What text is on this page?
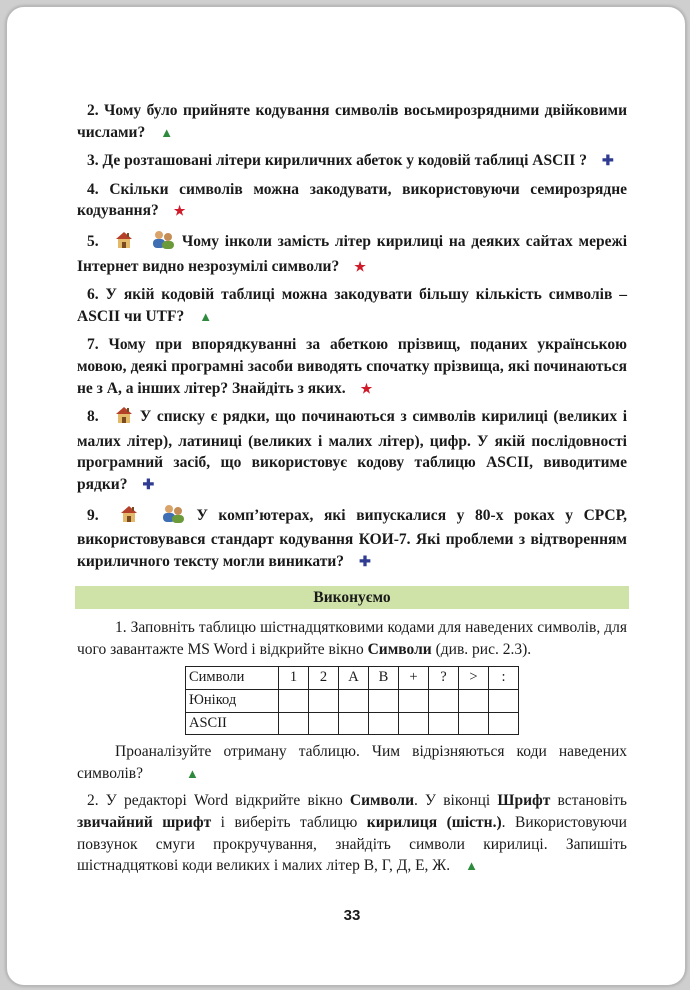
2. Чому було прийняте кодування символів восьмирозрядними двійковими числами? ▲

3. Де розташовані літери кириличних абеток у кодовій таблиці ASCII ? ✚

4. Скільки символів можна закодувати, використовуючи семирозрядне кодування? ★

5.	Чому інколи замість літер кирилиці на деяких сайтах мережі Інтернет видно незрозумілі символи? ★

6. У якій кодовій таблиці можна закодувати більшу кількість символів – ASCII чи UTF? ▲

7. Чому при впорядкуванні за абеткою прізвищ, поданих українською мовою, деякі програмні засоби виводять спочатку прізвища, які починаються не з А, а інших літер? Знайдіть з яких. ★

8.	У списку є рядки, що починаються з символів кирилиці (великих і малих літер), латиниці (великих і малих літер), цифр. У якій послідовності програмний засіб, що використовує кодову таблицю ASCII, виводитиме рядки? ✚

9.	У комп’ютерах, які випускалися у 80-х роках у СРСР, використовувався стандарт кодування КОИ-7. Які проблеми з відтворенням кириличного тексту могли виникати? ✚

Виконуємо

1. Заповніть таблицю шістнадцятковими кодами для наведених символів, для чого завантажте MS Word і відкрийте вікно Символи (див. рис. 2.3).

Символи	1	2	A	B	+	?	>	:
Юнікод								
ASCII								

Проаналізуйте отриману таблицю. Чим відрізняються коди наведених символів?	▲

2. У редакторі Word відкрийте вікно Символи. У віконці Шрифт встановіть звичайний шрифт і виберіть таблицю кирилиця (шістн.). Використовуючи повзунок смуги прокручування, знайдіть символи кирилиці. Запишіть шістнадцяткові коди великих і малих літер В, Г, Д, Е, Ж. ▲

33
